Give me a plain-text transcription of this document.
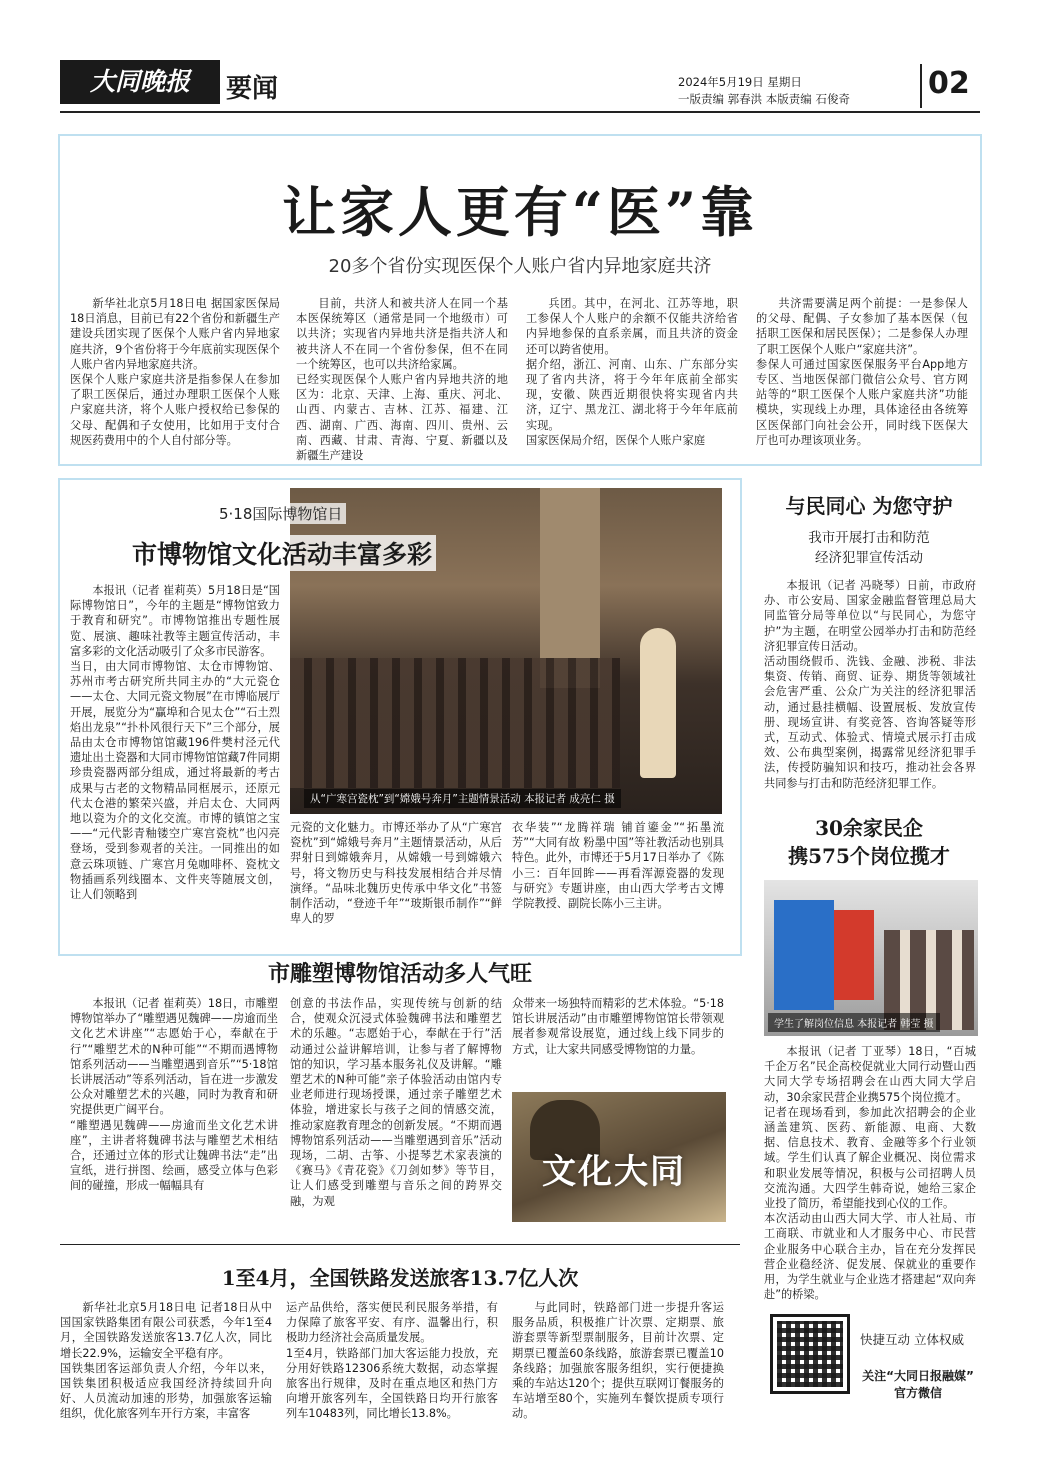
大同晚报	要闻	2024年5月19日 星期日
一版责编 郭春洪 本版责编 石俊奇	02
让家人更有“医”靠
20多个省份实现医保个人账户省内异地家庭共济

新华社北京5月18日电 据国家医保局18日消息，目前已有22个省份和新疆生产建设兵团实现了医保个人账户省内异地家庭共济，9个省份将于今年底前实现医保个人账户省内异地家庭共济。
医保个人账户家庭共济是指参保人在参加了职工医保后，通过办理职工医保个人账户家庭共济，将个人账户授权给已参保的父母、配偶和子女使用，比如用于支付合规医药费用中的个人自付部分等。

目前，共济人和被共济人在同一个基本医保统筹区（通常是同一个地级市）可以共济；实现省内异地共济是指共济人和被共济人不在同一个省份参保，但不在同一个统筹区，也可以共济给家属。
已经实现医保个人账户省内异地共济的地区为：北京、天津、上海、重庆、河北、山西、内蒙古、吉林、江苏、福建、江西、湖南、广西、海南、四川、贵州、云南、西藏、甘肃、青海、宁夏、新疆以及新疆生产建设

兵团。其中，在河北、江苏等地，职工参保人个人账户的余额不仅能共济给省内异地参保的直系亲属，而且共济的资金还可以跨省使用。
据介绍，浙江、河南、山东、广东部分实现了省内共济，将于今年年底前全部实现，安徽、陕西近期很快将实现省内共济，辽宁、黑龙江、湖北将于今年年底前实现。
国家医保局介绍，医保个人账户家庭

共济需要满足两个前提：一是参保人的父母、配偶、子女参加了基本医保（包括职工医保和居民医保）；二是参保人办理了职工医保个人账户“家庭共济”。
参保人可通过国家医保服务平台App地方专区、当地医保部门微信公众号、官方网站等的“职工医保个人账户家庭共济”功能模块，实现线上办理，具体途径由各统筹区医保部门向社会公开，同时线下医保大厅也可办理该项业务。

从“广寒宫瓷枕”到“嫦娥号奔月”主题情景活动 本报记者 成亮仁 摄
5·18国际博物馆日
市博物馆文化活动丰富多彩

本报讯（记者 崔莉英）5月18日是“国际博物馆日”，今年的主题是“博物馆致力于教育和研究”。市博物馆推出专题性展览、展演、趣味社教等主题宣传活动，丰富多彩的文化活动吸引了众多市民游客。
当日，由大同市博物馆、太仓市博物馆、苏州市考古研究所共同主办的“大元瓷仓——太仓、大同元瓷文物展”在市博临展厅开展，展览分为“贏埠和合见太仓”“石土烈焰出龙泉”“扑朴风很行天下”三个部分，展品由太仓市博物馆馆藏196件樊村泾元代遗址出土瓷器和大同市博物馆馆藏7件同期珍贵瓷器两部分组成，通过将最新的考古成果与古老的文物精品同框展示，还原元代太仓港的繁荣兴盛，并启太仓、大同两地以瓷为介的文化交流。市博的镇馆之宝——“元代影青釉镂空广寒宫瓷枕”也闪亮登场，受到参观者的关注。一同推出的如意云珠项链、广寒宫月兔咖啡杯、瓷枕文物插画系列线圈本、文件夹等随展文创，让人们领略到

元瓷的文化魅力。市博还举办了从“广寒宫瓷枕”到“嫦娥号奔月”主题情景活动，从后羿射日到嫦娥奔月，从嫦娥一号到嫦娥六号，将文物历史与科技发展相结合并尽情演绎。“品味北魏历史传承中华文化”书签制作活动，“登迹千年”“玻斯银币制作”“鲜卑人的罗

衣华装”“龙腾祥瑞 铺首鎏金”“拓墨流芳”“大同有故 粉墨中国”等社教活动也别具特色。此外，市博还于5月17日举办了《陈小三：百年回眸——再看浑源瓷器的发现与研究》专题讲座，由山西大学考古文博学院教授、副院长陈小三主讲。

市雕塑博物馆活动多人气旺

本报讯（记者 崔莉英）18日，市雕塑博物馆举办了“雕塑遇见魏碑——房逾而坐文化艺术讲座”“志愿始于心，奉献在于行”“雕塑艺术的N种可能”“不期而遇博物馆系列活动——当雕塑遇到音乐”“5·18馆长讲展活动”等系列活动，旨在进一步激发公众对雕塑艺术的兴趣，同时为教育和研究提供更广阔平台。
“雕塑遇见魏碑——房逾而坐文化艺术讲座”，主讲者将魏碑书法与雕塑艺术相结合，还通过立体的形式让魏碑书法“走”出宣纸，进行拼图、绘画，感受立体与色彩间的碰撞，形成一幅幅具有

创意的书法作品，实现传统与创新的结合，使观众沉浸式体验魏碑书法和雕塑艺术的乐趣。“志愿始于心，奉献在于行”活动通过公益讲解培训，让参与者了解博物馆的知识，学习基本服务礼仪及讲解。“雕塑艺术的N种可能”亲子体验活动由馆内专业老师进行现场授课，通过亲子雕塑艺术体验，增进家长与孩子之间的情感交流，推动家庭教育理念的创新发展。“不期而遇博物馆系列活动——当雕塑遇到音乐”活动现场，二胡、古筝、小提琴艺术家表演的《赛马》《青花瓷》《刀剑如梦》等节目，让人们感受到雕塑与音乐之间的跨界交融，为观

众带来一场独特而精彩的艺术体验。“5·18馆长讲展活动”由市雕塑博物馆馆长带领观展者参观常设展览，通过线上线下同步的方式，让大家共同感受博物馆的力量。

文化大同
1至4月，全国铁路发送旅客13.7亿人次

新华社北京5月18日电 记者18日从中国国家铁路集团有限公司获悉，今年1至4月，全国铁路发送旅客13.7亿人次，同比增长22.9%，运输安全平稳有序。
国铁集团客运部负责人介绍，今年以来，国铁集团积极适应我国经济持续回升向好、人员流动加速的形势，加强旅客运输组织，优化旅客列车开行方案，丰富客

运产品供给，落实便民利民服务举措，有力保障了旅客平安、有序、温馨出行，积极助力经济社会高质量发展。
1至4月，铁路部门加大客运能力投放，充分用好铁路12306系统大数据，动态掌握旅客出行规律，及时在重点地区和热门方向增开旅客列车，全国铁路日均开行旅客列车10483列，同比增长13.8%。

与此同时，铁路部门进一步提升客运服务品质，积极推广计次票、定期票、旅游套票等新型票制服务，目前计次票、定期票已覆盖60条线路，旅游套票已覆盖10条线路；加强旅客服务组织，实行便捷换乘的车站达120个；提供互联网订餐服务的车站增至80个，实施列车餐饮提质专项行动。

与民同心 为您守护
我市开展打击和防范
经济犯罪宣传活动

本报讯（记者 冯晓琴）日前，市政府办、市公安局、国家金融监督管理总局大同监管分局等单位以“与民同心，为您守护”为主题，在明堂公园举办打击和防范经济犯罪宣传日活动。
活动围绕假币、洗钱、金融、涉税、非法集资、传销、商贸、证券、期货等领域社会危害严重、公众广为关注的经济犯罪活动，通过悬挂横幅、设置展板、发放宣传册、现场宣讲、有奖竞答、咨询答疑等形式，互动式、体验式、情境式展示打击成效、公布典型案例，揭露常见经济犯罪手法，传授防骗知识和技巧，推动社会各界共同参与打击和防范经济犯罪工作。

30余家民企
携575个岗位揽才
学生了解岗位信息 本报记者 韩莹 摄

本报讯（记者 丁亚琴）18日，“百城千企万名”民企高校促就业大同行动暨山西大同大学专场招聘会在山西大同大学启动，30余家民营企业携575个岗位揽才。
记者在现场看到，参加此次招聘会的企业涵盖建筑、医药、新能源、电商、大数据、信息技术、教育、金融等多个行业领域。学生们认真了解企业概况、岗位需求和职业发展等情况，积极与公司招聘人员交流沟通。大四学生韩奇说，她给三家企业投了简历，希望能找到心仪的工作。
本次活动由山西大同大学、市人社局、市工商联、市就业和人才服务中心、市民营企业服务中心联合主办，旨在充分发挥民营企业稳经济、促发展、保就业的重要作用，为学生就业与企业选才搭建起“双向奔赴”的桥梁。

快捷互动 立体权威
关注“大同日报融媒”
官方微信
